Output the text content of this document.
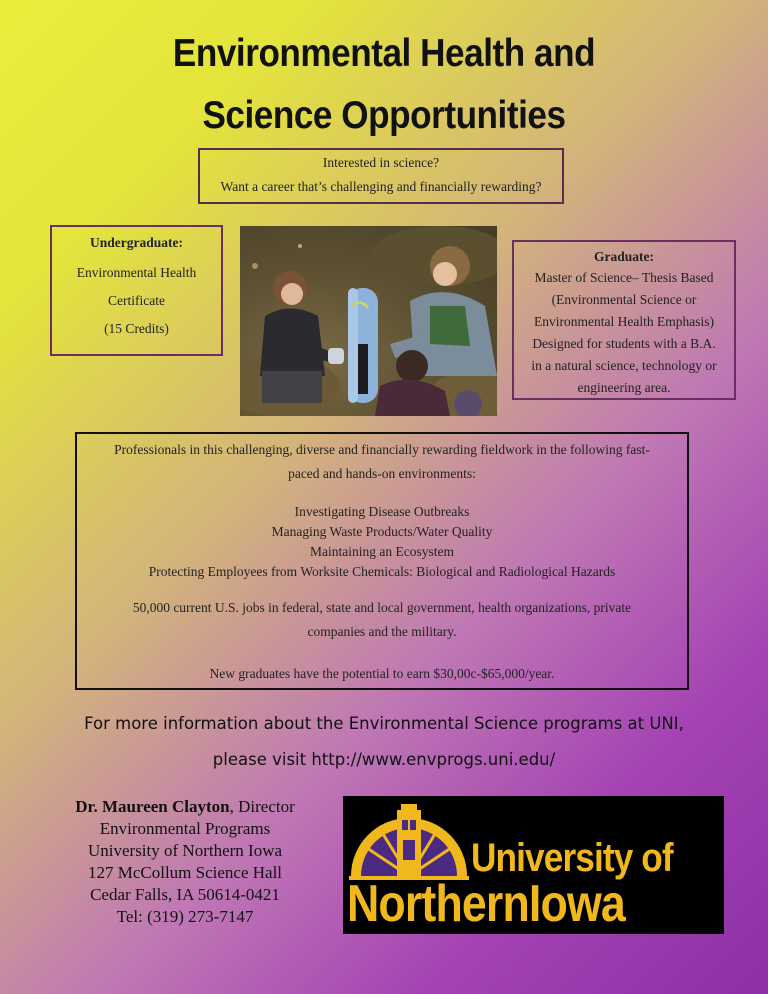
Environmental Health and
Science Opportunities
Interested in science?
Want a career that’s challenging and financially rewarding?
Undergraduate:
Environmental Health
Certificate
(15 Credits)
Graduate:
Master of Science– Thesis Based
(Environmental Science or
Environmental Health Emphasis)
Designed for students with a B.A.
in a natural science, technology or
engineering area.
Professionals in this challenging, diverse and financially rewarding fieldwork in the following fast-
paced and hands-on environments:
Investigating Disease Outbreaks
Managing Waste Products/Water Quality
Maintaining an Ecosystem
Protecting Employees from Worksite Chemicals: Biological and Radiological Hazards
50,000 current U.S. jobs in federal, state and local government, health organizations, private
companies and the military.
New graduates have the potential to earn $30,00c-$65,000/year.
For more information about the Environmental Science programs at UNI,
please visit http://www.envprogs.uni.edu/
Dr. Maureen Clayton, Director
Environmental Programs
University of Northern Iowa
127 McCollum Science Hall
Cedar Falls, IA 50614-0421
Tel: (319) 273-7147
University of
NorthernIowa
